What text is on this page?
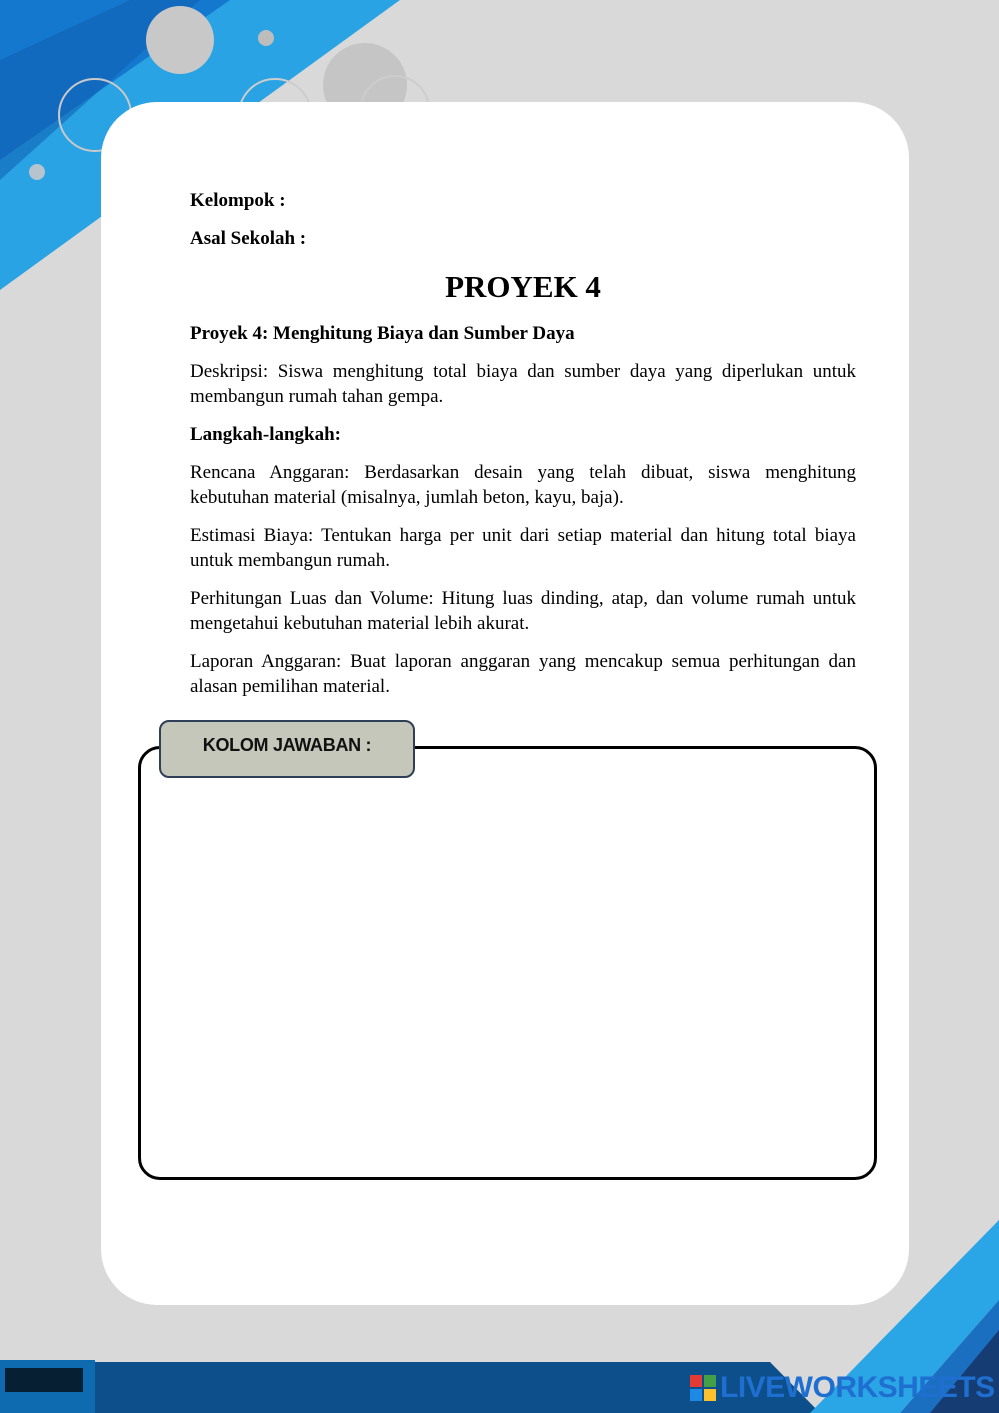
Kelompok :

Asal Sekolah :

PROYEK 4

Proyek 4: Menghitung Biaya dan Sumber Daya

Deskripsi: Siswa menghitung total biaya dan sumber daya yang diperlukan untuk membangun rumah tahan gempa.

Langkah-langkah:

Rencana Anggaran: Berdasarkan desain yang telah dibuat, siswa menghitung kebutuhan material (misalnya, jumlah beton, kayu, baja).

Estimasi Biaya: Tentukan harga per unit dari setiap material dan hitung total biaya untuk membangun rumah.

Perhitungan Luas dan Volume: Hitung luas dinding, atap, dan volume rumah untuk mengetahui kebutuhan material lebih akurat.

Laporan Anggaran: Buat laporan anggaran yang mencakup semua perhitungan dan alasan pemilihan material.

KOLOM JAWABAN :
LIVEWORKSHEETS
